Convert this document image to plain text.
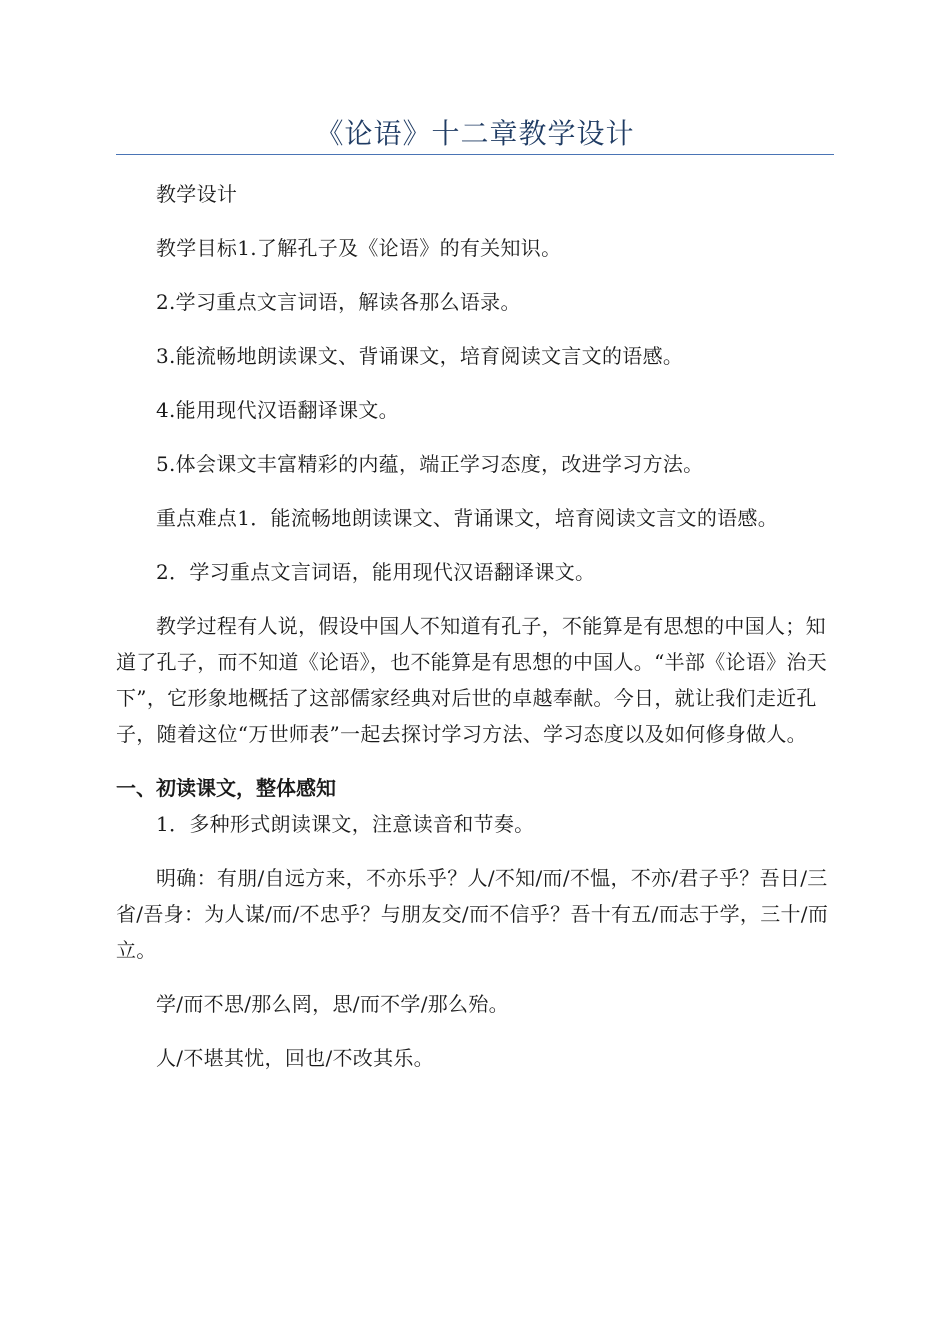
《论语》十二章教学设计

教学设计

教学目标1.了解孔子及《论语》的有关知识。

2.学习重点文言词语，解读各那么语录。

3.能流畅地朗读课文、背诵课文，培育阅读文言文的语感。

4.能用现代汉语翻译课文。

5.体会课文丰富精彩的内蕴，端正学习态度，改进学习方法。

重点难点1．能流畅地朗读课文、背诵课文，培育阅读文言文的语感。

2．学习重点文言词语，能用现代汉语翻译课文。

教学过程有人说，假设中国人不知道有孔子，不能算是有思想的中国人；知道了孔子，而不知道《论语》，也不能算是有思想的中国人。“半部《论语》治天下”，它形象地概括了这部儒家经典对后世的卓越奉献。今日，就让我们走近孔子，随着这位“万世师表”一起去探讨学习方法、学习态度以及如何修身做人。

一、初读课文，整体感知

1．多种形式朗读课文，注意读音和节奏。

明确：有朋/自远方来，不亦乐乎？人/不知/而/不愠，不亦/君子乎？吾日/三省/吾身：为人谋/而/不忠乎？与朋友交/而不信乎？吾十有五/而志于学，三十/而立。

学/而不思/那么罔，思/而不学/那么殆。

人/不堪其忧，回也/不改其乐。
